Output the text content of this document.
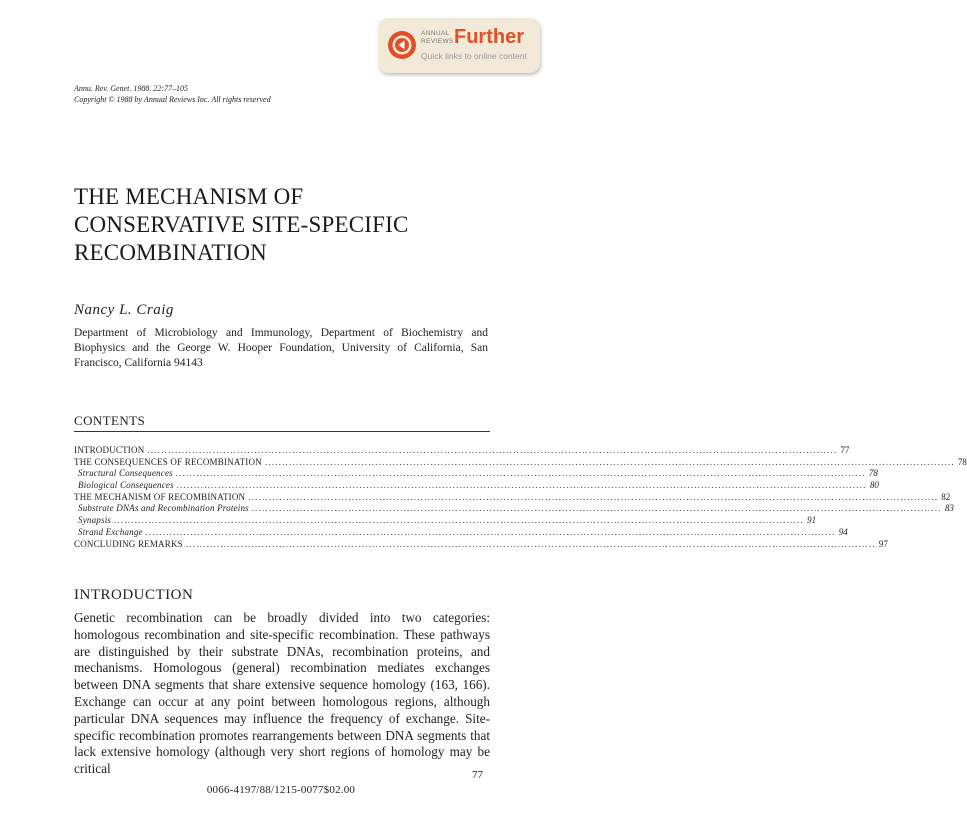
ANNUAL
REVIEWS Further
Quick links to online content
Annu. Rev. Genet. 1988. 22:77–105
Copyright © 1988 by Annual Reviews Inc. All rights reserved
THE MECHANISM OF
CONSERVATIVE SITE-SPECIFIC
RECOMBINATION
Nancy L. Craig
Department of Microbiology and Immunology, Department of Biochemistry and Biophysics and the George W. Hooper Foundation, University of California, San Francisco, California 94143
CONTENTS
INTRODUCTION ........................................................................................................................................................................................................ 77
THE CONSEQUENCES OF RECOMBINATION ........................................................................................................................................................................................................ 78
Structural Consequences ........................................................................................................................................................................................................ 78
Biological Consequences ........................................................................................................................................................................................................ 80
THE MECHANISM OF RECOMBINATION ........................................................................................................................................................................................................ 82
Substrate DNAs and Recombination Proteins ........................................................................................................................................................................................................ 83
Synapsis ........................................................................................................................................................................................................ 91
Strand Exchange ........................................................................................................................................................................................................ 94
CONCLUDING REMARKS ........................................................................................................................................................................................................ 97
INTRODUCTION

Genetic recombination can be broadly divided into two categories: homologous recombination and site-specific recombination. These pathways are distinguished by their substrate DNAs, recombination proteins, and mechanisms. Homologous (general) recombination mediates exchanges between DNA segments that share extensive sequence homology (163, 166). Exchange can occur at any point between homologous regions, although particular DNA sequences may influence the frequency of exchange. Site-specific recombination promotes rearrangements between DNA segments that lack extensive homology (although very short regions of homology may be critical	77
0066-4197/88/1215-0077$02.00
